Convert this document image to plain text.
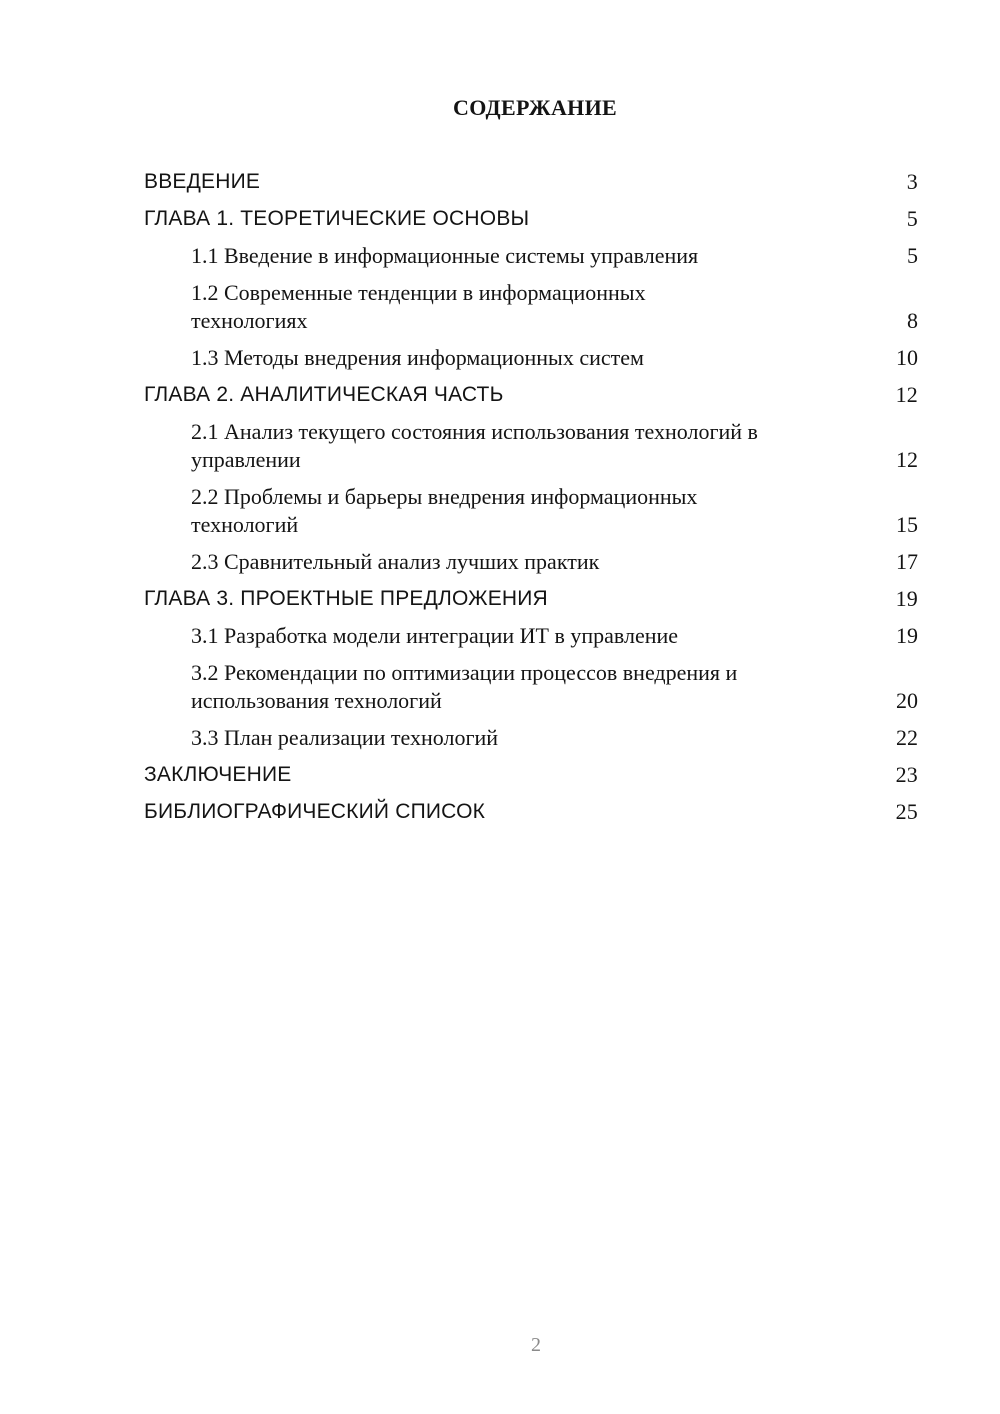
СОДЕРЖАНИЕ
ВВЕДЕНИЕ	3
ГЛАВА 1. ТЕОРЕТИЧЕСКИЕ ОСНОВЫ	5
1.1 Введение в информационные системы управления	5
1.2 Современные тенденции в информационных технологиях	8
1.3 Методы внедрения информационных систем	10
ГЛАВА 2. АНАЛИТИЧЕСКАЯ ЧАСТЬ	12
2.1 Анализ текущего состояния использования технологий в управлении	12
2.2 Проблемы и барьеры внедрения информационных технологий	15
2.3 Сравнительный анализ лучших практик	17
ГЛАВА 3. ПРОЕКТНЫЕ ПРЕДЛОЖЕНИЯ	19
3.1 Разработка модели интеграции ИТ в управление	19
3.2 Рекомендации по оптимизации процессов внедрения и использования технологий	20
3.3 План реализации технологий	22
ЗАКЛЮЧЕНИЕ	23
БИБЛИОГРАФИЧЕСКИЙ СПИСОК	25
2
